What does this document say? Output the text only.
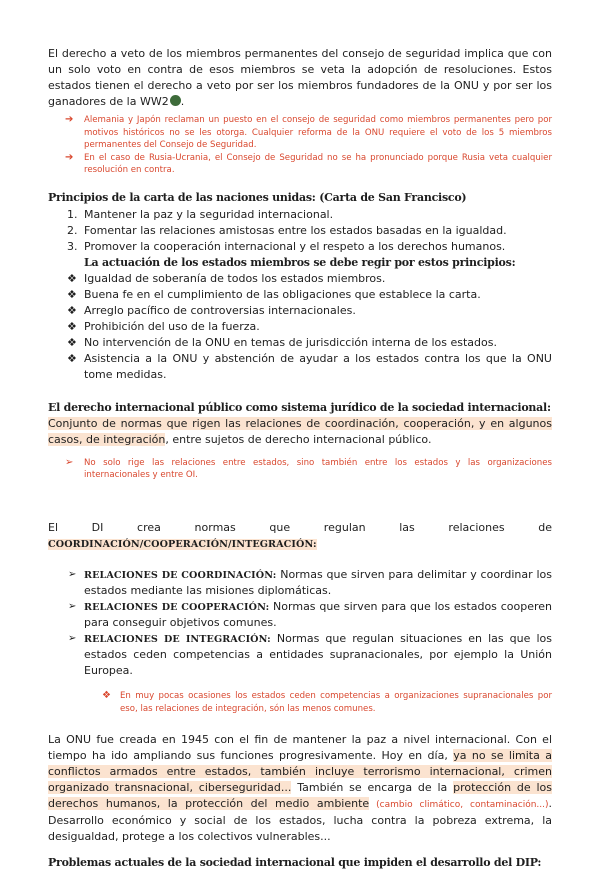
El derecho a veto de los miembros permanentes del consejo de seguridad implica que con un solo voto en contra de esos miembros se veta la adopción de resoluciones. Estos estados tienen el derecho a veto por ser los miembros fundadores de la ONU y por ser los ganadores de la WW2 .

➔ Alemania y Japón reclaman un puesto en el consejo de seguridad como miembros permanentes pero por motivos históricos no se les otorga. Cualquier reforma de la ONU requiere el voto de los 5 miembros permanentes del Consejo de Seguridad.
➔ En el caso de Rusia-Ucrania, el Consejo de Seguridad no se ha pronunciado porque Rusia veta cualquier resolución en contra.

Principios de la carta de las naciones unidas: (Carta de San Francisco)

1. Mantener la paz y la seguridad internacional.
2. Fomentar las relaciones amistosas entre los estados basadas en la igualdad.
3. Promover la cooperación internacional y el respeto a los derechos humanos.

La actuación de los estados miembros se debe regir por estos principios:

❖ Igualdad de soberanía de todos los estados miembros.
❖ Buena fe en el cumplimiento de las obligaciones que establece la carta.
❖ Arreglo pacífico de controversias internacionales.
❖ Prohibición del uso de la fuerza.
❖ No intervención de la ONU en temas de jurisdicción interna de los estados.
❖ Asistencia a la ONU y abstención de ayudar a los estados contra los que la ONU tome medidas.

El derecho internacional público como sistema jurídico de la sociedad internacional:

Conjunto de normas que rigen las relaciones de coordinación, cooperación, y en algunos casos, de integración, entre sujetos de derecho internacional público.

➢ No solo rige las relaciones entre estados, sino también entre los estados y las organizaciones internacionales y entre OI.

El DI crea normas que regulan las relaciones de COORDINACIÓN/COOPERACIÓN/INTEGRACIÓN:

➢ RELACIONES DE COORDINACIÓN: Normas que sirven para delimitar y coordinar los estados mediante las misiones diplomáticas.
➢ RELACIONES DE COOPERACIÓN: Normas que sirven para que los estados cooperen para conseguir objetivos comunes.
➢ RELACIONES DE INTEGRACIÓN: Normas que regulan situaciones en las que los estados ceden competencias a entidades supranacionales, por ejemplo la Unión Europea.
❖ En muy pocas ocasiones los estados ceden competencias a organizaciones supranacionales por eso, las relaciones de integración, són las menos comunes.

La ONU fue creada en 1945 con el fin de mantener la paz a nivel internacional. Con el tiempo ha ido ampliando sus funciones progresivamente. Hoy en día, ya no se limita a conflictos armados entre estados, también incluye terrorismo internacional, crimen organizado transnacional, ciberseguridad... También se encarga de la protección de los derechos humanos, la protección del medio ambiente (cambio climático, contaminación...). Desarrollo económico y social de los estados, lucha contra la pobreza extrema, la desigualdad, protege a los colectivos vulnerables...

Problemas actuales de la sociedad internacional que impiden el desarrollo del DIP:
